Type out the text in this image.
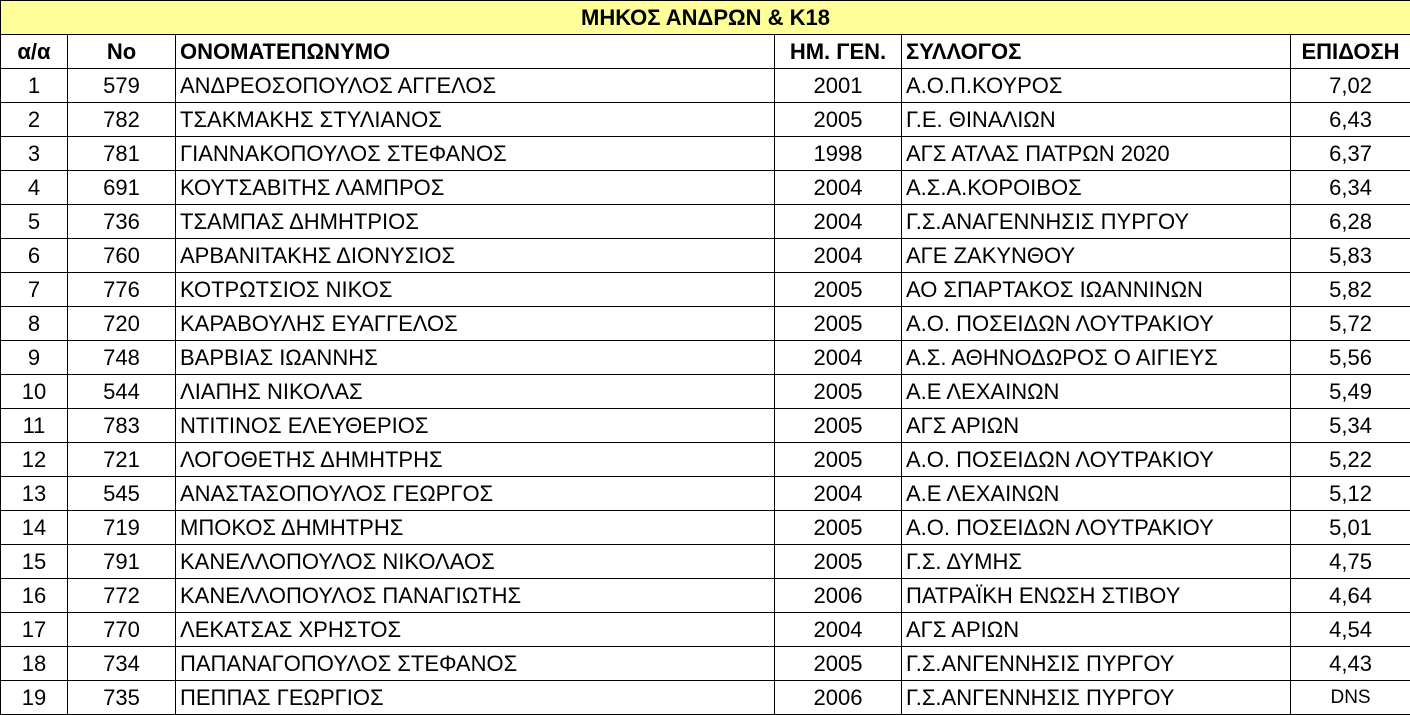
ΜΗΚΟΣ ΑΝΔΡΩΝ & Κ18					
α/α	No	ΟΝΟΜΑΤΕΠΩΝΥΜΟ	ΗΜ. ΓΕΝ.	ΣΥΛΛΟΓΟΣ	ΕΠΙΔΟΣΗ
1	579	ΑΝΔΡΕΟΣΟΠΟΥΛΟΣ ΑΓΓΕΛΟΣ	2001	Α.Ο.Π.ΚΟΥΡΟΣ	7,02
2	782	ΤΣΑΚΜΑΚΗΣ ΣΤΥΛΙΑΝΟΣ	2005	Γ.Ε. ΘΙΝΑΛΙΩΝ	6,43
3	781	ΓΙΑΝΝΑΚΟΠΟΥΛΟΣ ΣΤΕΦΑΝΟΣ	1998	ΑΓΣ ΑΤΛΑΣ ΠΑΤΡΩΝ 2020	6,37
4	691	ΚΟΥΤΣΑΒΙΤΗΣ ΛΑΜΠΡΟΣ	2004	Α.Σ.Α.ΚΟΡΟΙΒΟΣ	6,34
5	736	ΤΣΑΜΠΑΣ ΔΗΜΗΤΡΙΟΣ	2004	Γ.Σ.ΑΝΑΓΕΝΝΗΣΙΣ ΠΥΡΓΟΥ	6,28
6	760	ΑΡΒΑΝΙΤΑΚΗΣ ΔΙΟΝΥΣΙΟΣ	2004	ΑΓΕ ΖΑΚΥΝΘΟΥ	5,83
7	776	ΚΟΤΡΩΤΣΙΟΣ ΝΙΚΟΣ	2005	ΑΟ ΣΠΑΡΤΑΚΟΣ ΙΩΑΝΝΙΝΩΝ	5,82
8	720	ΚΑΡΑΒΟΥΛΗΣ ΕΥΑΓΓΕΛΟΣ	2005	Α.Ο. ΠΟΣΕΙΔΩΝ ΛΟΥΤΡΑΚΙΟΥ	5,72
9	748	ΒΑΡΒΙΑΣ ΙΩΑΝΝΗΣ	2004	Α.Σ. ΑΘΗΝΟΔΩΡΟΣ Ο ΑΙΓΙΕΥΣ	5,56
10	544	ΛΙΑΠΗΣ ΝΙΚΟΛΑΣ	2005	Α.Ε ΛΕΧΑΙΝΩΝ	5,49
11	783	ΝΤΙΤΙΝΟΣ ΕΛΕΥΘΕΡΙΟΣ	2005	ΑΓΣ ΑΡΙΩΝ	5,34
12	721	ΛΟΓΟΘΕΤΗΣ ΔΗΜΗΤΡΗΣ	2005	Α.Ο. ΠΟΣΕΙΔΩΝ ΛΟΥΤΡΑΚΙΟΥ	5,22
13	545	ΑΝΑΣΤΑΣΟΠΟΥΛΟΣ ΓΕΩΡΓΟΣ	2004	Α.Ε ΛΕΧΑΙΝΩΝ	5,12
14	719	ΜΠΟΚΟΣ ΔΗΜΗΤΡΗΣ	2005	Α.Ο. ΠΟΣΕΙΔΩΝ ΛΟΥΤΡΑΚΙΟΥ	5,01
15	791	ΚΑΝΕΛΛΟΠΟΥΛΟΣ ΝΙΚΟΛΑΟΣ	2005	Γ.Σ. ΔΥΜΗΣ	4,75
16	772	ΚΑΝΕΛΛΟΠΟΥΛΟΣ ΠΑΝΑΓΙΩΤΗΣ	2006	ΠΑΤΡΑΪΚΗ ΕΝΩΣΗ ΣΤΙΒΟΥ	4,64
17	770	ΛΕΚΑΤΣΑΣ ΧΡΗΣΤΟΣ	2004	ΑΓΣ ΑΡΙΩΝ	4,54
18	734	ΠΑΠΑΝΑΓΟΠΟΥΛΟΣ ΣΤΕΦΑΝΟΣ	2005	Γ.Σ.ΑΝΓΕΝΝΗΣΙΣ ΠΥΡΓΟΥ	4,43
19	735	ΠΕΠΠΑΣ ΓΕΩΡΓΙΟΣ	2006	Γ.Σ.ΑΝΓΕΝΝΗΣΙΣ ΠΥΡΓΟΥ	DNS
